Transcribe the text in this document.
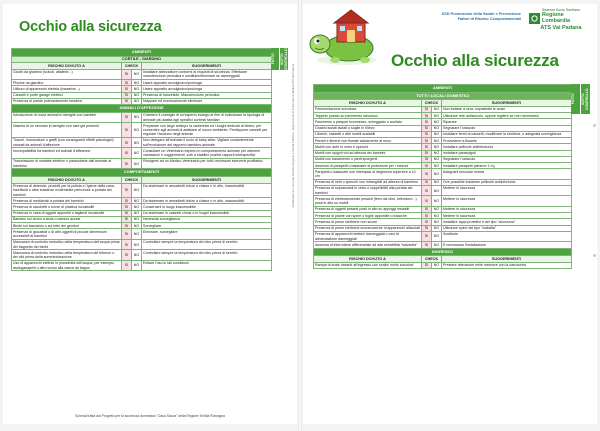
Occhio alla sicurezza
Realizzazione a cura del Servizio di Igiene e Sanità Pubblica - Dipartimento di Prevenzione Medica ATS Val Padana
AMBIENTI			
CORTILE - GIARDINO			
RISCHIO DOVUTO A	CHECK		SUGGERIMENTI
Giochi da giardino (scivoli, altalene...)	SI	NO	Installare attrezzature conformi ai requisiti di sicurezza. Effettuare manutenzione periodica e sostituire/eliminare se danneggiati
Piscine da giardino	SI	NO	Usare apposito avvolgicavo/prolunga
Utilizzo di apparecchi elettrici (tosaerba...)	SI	NO	Usare apposito avvolgicavo/prolunga
Cancelli e porte garage elettrici	SI	NO	Presenza di fotocellule. Manutenzione periodica
Presenza di piante potenzialmente tossiche	SI	NO	Mappare ed eventualmente eliminare
ANIMALI D'AFFEZIONE			
Introduzione di nuovi animali in famiglie con bambini	SI	NO	Chiedere il consiglio di un'esperto etologo al fine di individuare la tipologia di animale più adatta agli specifici contesti familiari
Nascita di un neonato in famiglie con cani già presenti	SI	NO	Preparare con largo anticipo la cameretta ed i luoghi dedicati al bimbo, per consentire agli animali di adattarsi al nuovo ambiente. Predisporre cancelli per regolare l'accesso degli animali
Traumi, morsicature o graffi (con conseguenti effetti psicologici) causati da animali d'affezione	SI	NO	Non delegare all'animale il ruolo di baby sitter. Vigilare costantemente sull'evoluzione del rapporto bambino-animale
Incompatibilità fra bambini ed animali d'affezione	SI	NO	Consultare un Veterinario esperto in comportamento animale per ottenere valutazioni e suggerimenti, volti a stabilire positivi rapporti interspecifici
Trasmissione di malattie infettive o parassitarie dall'animale al bambino	SI	NO	Rivolgersi ad un Medico Veterinario per tutti i necessari interventi profilattici
COMPORTAMENTI			
RISCHIO DOVUTO A	CHECK		SUGGERIMENTI
Presenza di detersivi, prodotti per la pulizia e l'igiene della casa, insetticidi o altre sostanze evidenziate pericolose a portata dei bambini	SI	NO	Da sistemare in armadietti chiusi a chiave o in alto, inaccessibili
Presenza di medicinali a portata dei bambini	SI	NO	Da sistemare in armadietti chiusi a chiave o in alto, inaccessibili
Presenza di sacchetti o borse di plastica incustoditi	SI	NO	Conservarli in luogo inaccessibile
Presenza in casa di oggetti appuntiti o taglienti incustoditi	SI	NO	Da sistemare in cassetti chiusi o in luoghi inaccessibili
Bambini sul vicino a stufa o camino accesi	SI	NO	Necessità sorveglianza
Bimbi sul fasciatoio o sul letto dei genitori	SI	NO	Sorvegliare
Presenza di giocattoli o di altri oggetti di piccole dimensioni accessibili ai bambini	SI	NO	Eliminare, sorvegliare
Mancanza di controllo metodico della temperatura dell'acqua prima del bagnetto dei bimbi	SI	NO	Controllare sempre la temperatura del cibo prima di servirlo
Mancanza di controllo metodico della temperatura del biberon o dei cibi prima della somministrazione	SI	NO	Controllare sempre la temperatura del cibo prima di servirlo
Uso di apparecchi elettrici in prossimità dell'acqua, per esempio asciugacapelli o altro vicino alla vasca da bagno	SI	NO	Evitare l'uso in tali condizioni
FATTO	SOTTO CONTROLLO
Scheda tratta dal Progetto per la sicurezza domestica "Casa Sicura" della Regione Emilia Romagna
SSD Promozione della Salute e Prevenzione
Fattori di Rischio Comportamentali
Sistema Socio Sanitario
Regione
Lombardia
ATS Val Padana
Occhio alla sicurezza
AMBIENTI			
TUTTI I LOCALI DOMESTICI			
RISCHIO DOVUTO A	CHECK		SUGGERIMENTI
Pavimentazione scivolosa	SI	NO	Non trattare a cera, soprattutto le scale
Tappeto posato su pavimento scivoloso	SI	NO	Utilizzare rete antiscivolo, oppure togliere se non necessario
Pavimento o parquet sconnesso, scheggiato o scollato	SI	NO	Riparare
Gradini isolati isolati o soglie in rilievo	SI	NO	Segnalare l'ostacolo
Librerie, cassetti o altri mobili scalabili	SI	NO	Installare fermi ai cassetti, modificare la struttura, o adeguata sorveglianza
Pensili e librerie non fissate saldamente al muro	SI	NO	Provvedere a fissarle
Mobili con ante in vetro e specchi	SI	NO	Installare pellicole antiinfortunio
Mobili con spigoli vivi ad altezza dei bambini	SI	NO	Installare paraspigoli
Mobili con basamento o piedi sporgenti	SI	NO	Segnalare l'ostacolo
Assenza di parapetti o balaustre di protezione per i balconi	SI	NO	Installare parapetti (almeno 1 m)
Parapetti o balaustre con interspazi di larghezza superiore a 10 cm	SI	NO	Adeguarli secondo norma
Presenza di vetri o specchi non infrangibili ad altezza di bambino	SI	NO	Ove possibile installare pellicole antiinfortunio
Presenza di sopramobili in vetro o suppellettili alla portata dei bambini	SI	NO	Mettere in sicurezza
Presenza di elettrodomestici pesanti (ferro da stiro, televisore...) posti in alto su mobili	SI	NO	Mettere in sicurezza
Presenza di oggetti pesanti posti in alto su appoggi instabili	SI	NO	Mettere in sicurezza
Presenza di piante con spine o foglie appuntite o tossiche	SI	NO	Mettere in sicurezza
Presenza di prese elettriche non sicure	SI	NO	Installare tappi protettivi e del tipo "sicurezza"
Presenza di prese elettriche sovraccariche di apparecchi allacciati	SI	NO	Utilizzare spine del tipo "ciabatta"
Presenza di apparecchi elettrici danneggiati o cavi di alimentazione danneggiati	SI	NO	Sostituire
Assenza di interruttore differenziale ad alta sensibilità "salvavita"	SI	NO	È necessaria l'installazione
INGRESSO			
RISCHIO DOVUTO A	CHECK		SUGGERIMENTI
Rampa di scale davanti all'ingresso con scalini molto scivolosi	SI	NO	Prestare attenzione nelle manovre con la carrozzina
FATTO	SOTTO CONTROLLO
